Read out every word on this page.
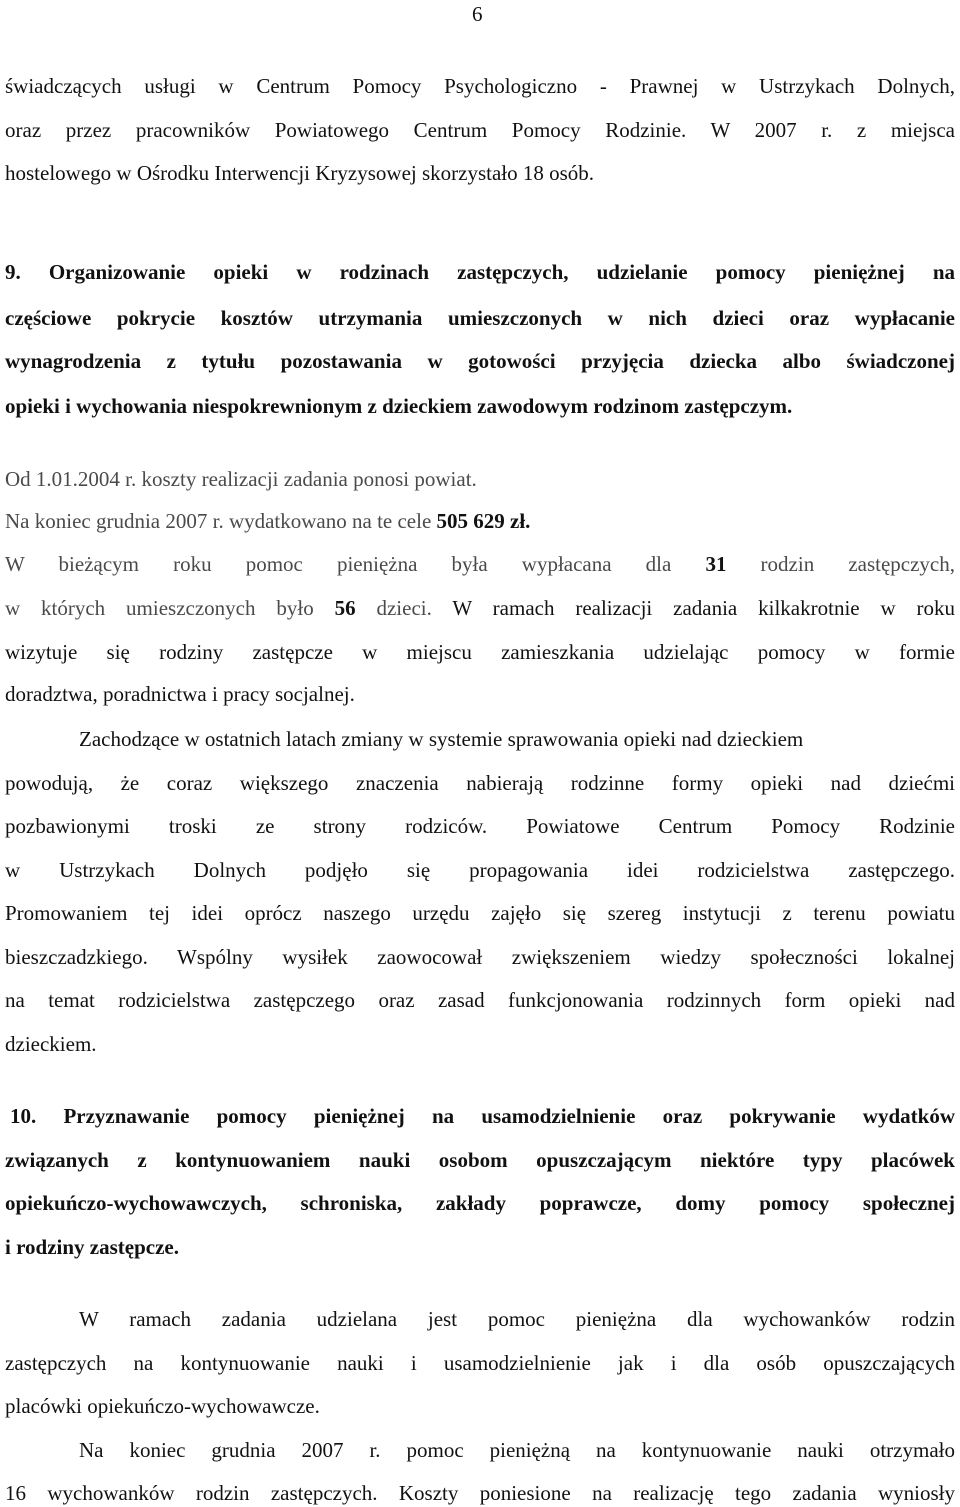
6
świadczących usługi w Centrum Pomocy Psychologiczno - Prawnej w Ustrzykach Dolnych,
oraz przez pracowników Powiatowego Centrum Pomocy Rodzinie. W 2007 r. z miejsca
hostelowego w Ośrodku Interwencji Kryzysowej skorzystało 18 osób.
9. Organizowanie opieki w rodzinach zastępczych, udzielanie pomocy pieniężnej na
częściowe pokrycie kosztów utrzymania umieszczonych w nich dzieci oraz wypłacanie
wynagrodzenia z tytułu pozostawania w gotowości przyjęcia dziecka albo świadczonej
opieki i wychowania niespokrewnionym z dzieckiem zawodowym rodzinom zastępczym.
Od 1.01.2004 r. koszty realizacji zadania ponosi powiat.
Na koniec grudnia 2007 r. wydatkowano na te cele 505 629 zł.
W bieżącym roku pomoc pieniężna była wypłacana dla 31 rodzin zastępczych,
w których umieszczonych było 56 dzieci. W ramach realizacji zadania kilkakrotnie w roku
wizytuje się rodziny zastępcze w miejscu zamieszkania udzielając pomocy w formie
doradztwa, poradnictwa i pracy socjalnej.
Zachodzące w ostatnich latach zmiany w systemie sprawowania opieki nad dzieckiem
powodują, że coraz większego znaczenia nabierają rodzinne formy opieki nad dziećmi
pozbawionymi troski ze strony rodziców. Powiatowe Centrum Pomocy Rodzinie
w Ustrzykach Dolnych podjęło się propagowania idei rodzicielstwa zastępczego.
Promowaniem tej idei oprócz naszego urzędu zajęło się szereg instytucji z terenu powiatu
bieszczadzkiego. Wspólny wysiłek zaowocował zwiększeniem wiedzy społeczności lokalnej
na temat rodzicielstwa zastępczego oraz zasad funkcjonowania rodzinnych form opieki nad
dzieckiem.
10. Przyznawanie pomocy pieniężnej na usamodzielnienie oraz pokrywanie wydatków
związanych z kontynuowaniem nauki osobom opuszczającym niektóre typy placówek
opiekuńczo-wychowawczych, schroniska, zakłady poprawcze, domy pomocy społecznej
i rodziny zastępcze.
W ramach zadania udzielana jest pomoc pieniężna dla wychowanków rodzin
zastępczych na kontynuowanie nauki i usamodzielnienie jak i dla osób opuszczających
placówki opiekuńczo-wychowawcze.
Na koniec grudnia 2007 r. pomoc pieniężną na kontynuowanie nauki otrzymało
16 wychowanków rodzin zastępczych. Koszty poniesione na realizację tego zadania wyniosły
